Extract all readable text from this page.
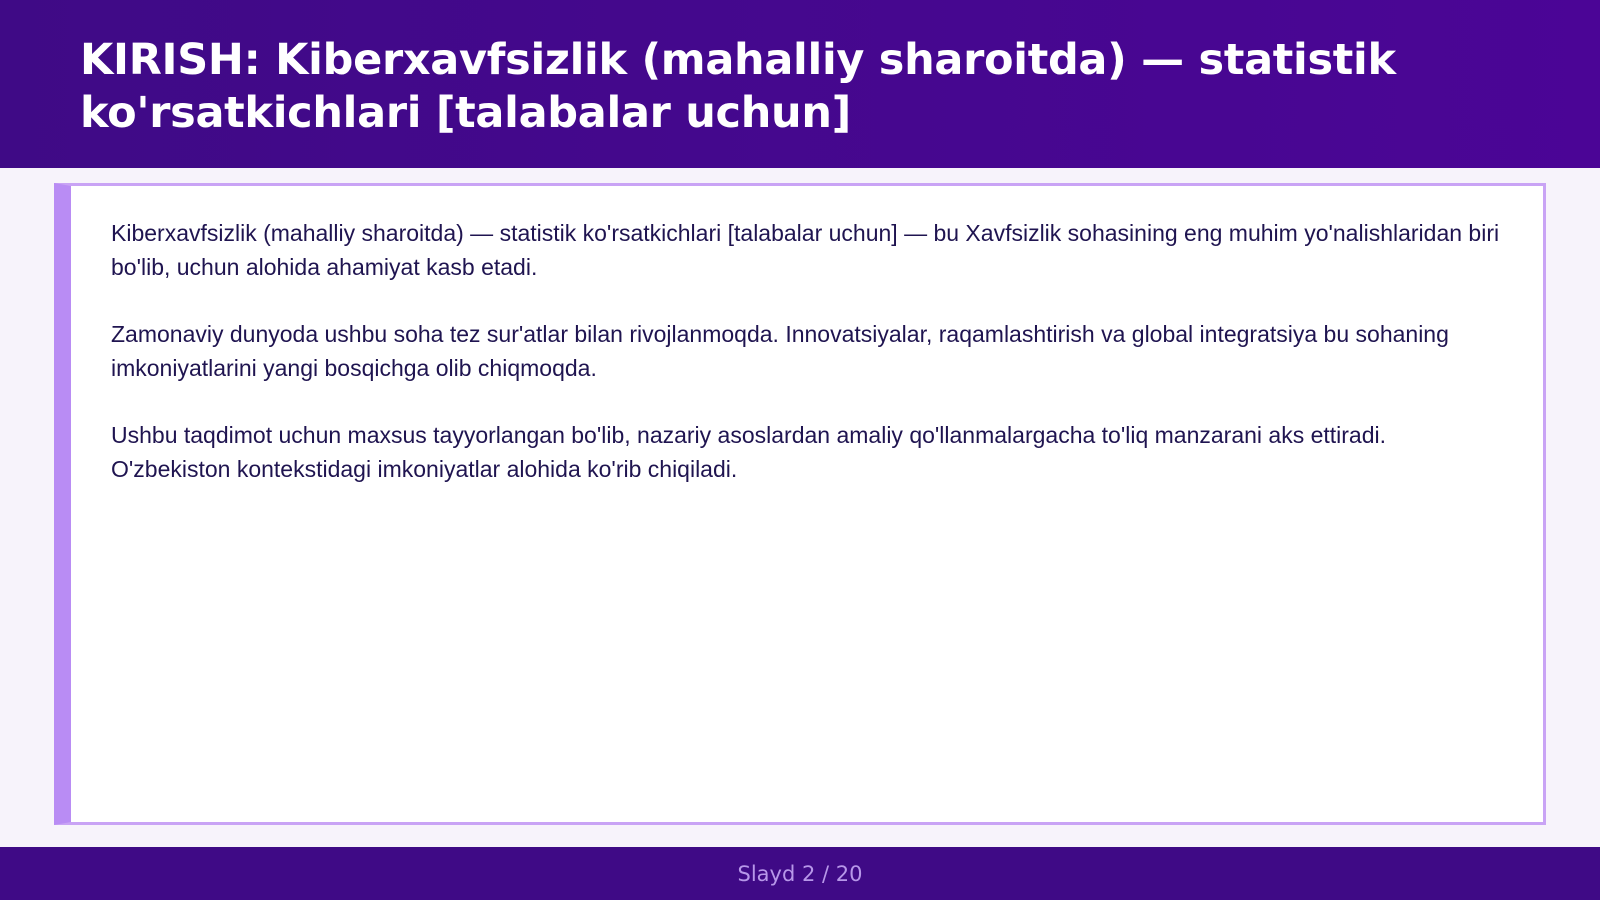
KIRISH: Kiberxavfsizlik (mahalliy sharoitda) — statistik ko'rsatkichlari [talabalar uchun]

Kiberxavfsizlik (mahalliy sharoitda) — statistik ko'rsatkichlari [talabalar uchun] — bu Xavfsizlik sohasining eng muhim yo'nalishlaridan biri bo'lib, uchun alohida ahamiyat kasb etadi.

Zamonaviy dunyoda ushbu soha tez sur'atlar bilan rivojlanmoqda. Innovatsiyalar, raqamlashtirish va global integratsiya bu sohaning imkoniyatlarini yangi bosqichga olib chiqmoqda.

Ushbu taqdimot uchun maxsus tayyorlangan bo'lib, nazariy asoslardan amaliy qo'llanmalargacha to'liq manzarani aks ettiradi. O'zbekiston kontekstidagi imkoniyatlar alohida ko'rib chiqiladi.

Slayd 2 / 20
